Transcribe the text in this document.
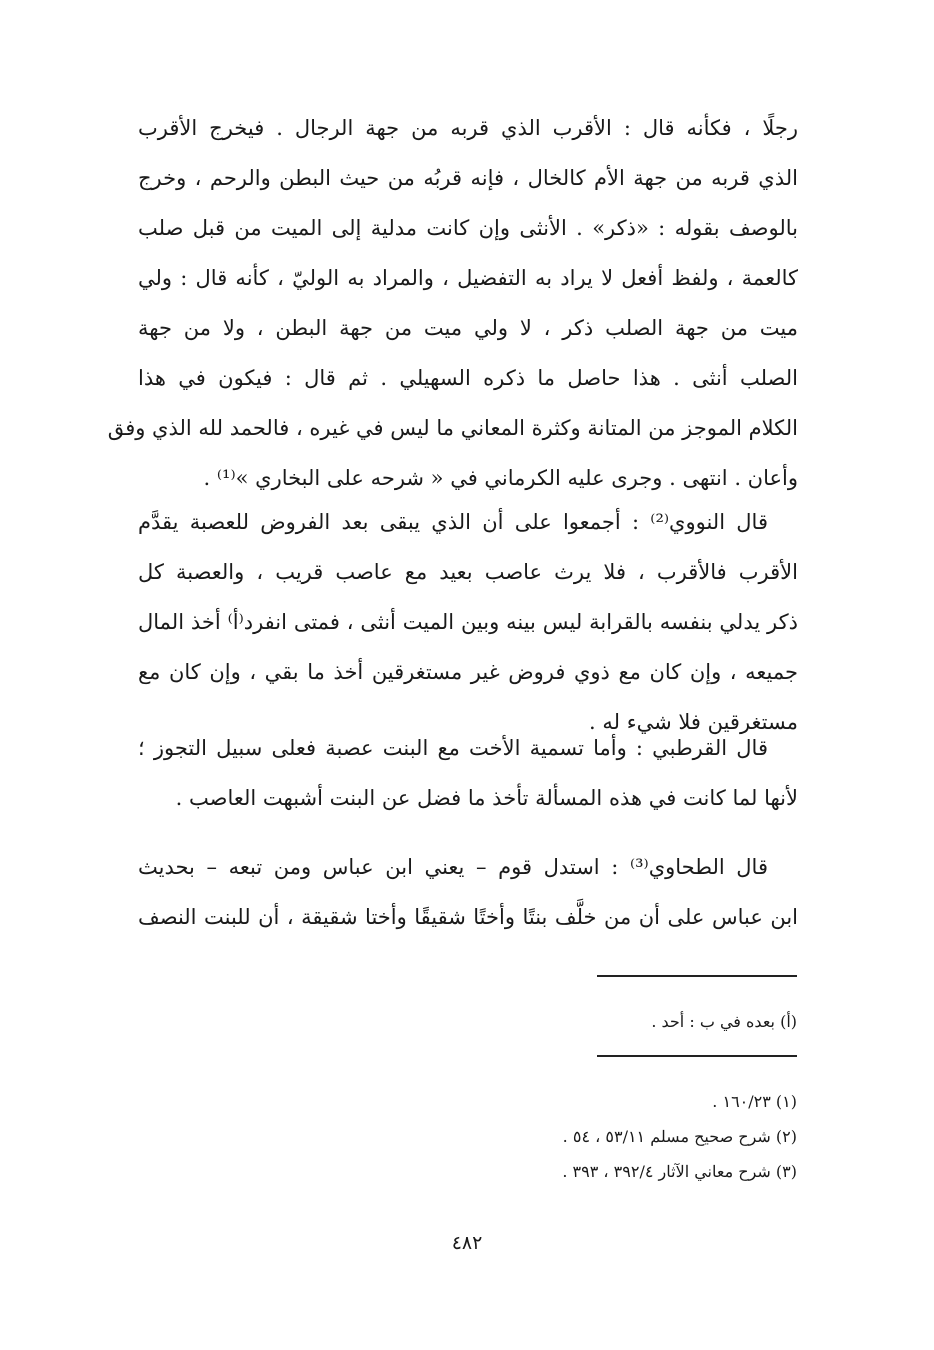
رجلًا ، فكأنه قال : الأقرب الذي قربه من جهة الرجال . فيخرج الأقرب
الذي قربه من جهة الأم كالخال ، فإنه قربُه من حيث البطن والرحم ، وخرج
بالوصف بقوله : «ذكر» . الأنثى وإن كانت مدلية إلى الميت من قبل صلب
كالعمة ، ولفظ أفعل لا يراد به التفضيل ، والمراد به الوليّ ، كأنه قال : ولي
ميت من جهة الصلب ذكر ، لا ولي ميت من جهة البطن ، ولا من جهة
الصلب أنثى . هذا حاصل ما ذكره السهيلي . ثم قال : فيكون في هذا
الكلام الموجز من المتانة وكثرة المعاني ما ليس في غيره ، فالحمد لله الذي وفق
وأعان . انتهى . وجرى عليه الكرماني في « شرحه على البخاري »⁽¹⁾ .
قال النووي⁽²⁾ : أجمعوا على أن الذي يبقى بعد الفروض للعصبة يقدَّم
الأقرب فالأقرب ، فلا يرث عاصب بعيد مع عاصب قريب ، والعصبة كل
ذكر يدلي بنفسه بالقرابة ليس بينه وبين الميت أنثى ، فمتى انفرد⁽أ⁾ أخذ المال
جميعه ، وإن كان مع ذوي فروض غير مستغرقين أخذ ما بقي ، وإن كان مع
مستغرقين فلا شيء له .
قال القرطبي : وأما تسمية الأخت مع البنت عصبة فعلى سبيل التجوز ؛
لأنها لما كانت في هذه المسألة تأخذ ما فضل عن البنت أشبهت العاصب .
قال الطحاوي⁽³⁾ : استدل قوم – يعني ابن عباس ومن تبعه – بحديث
ابن عباس على أن من خلَّف بنتًا وأختًا شقيقًا وأختا شقيقة ، أن للبنت النصف
(أ) بعده في ب : أحد .
(١) ١٦٠/٢٣ .
(٢) شرح صحيح مسلم ٥٣/١١ ، ٥٤ .
(٣) شرح معاني الآثار ٣٩٢/٤ ، ٣٩٣ .
٤٨٢
